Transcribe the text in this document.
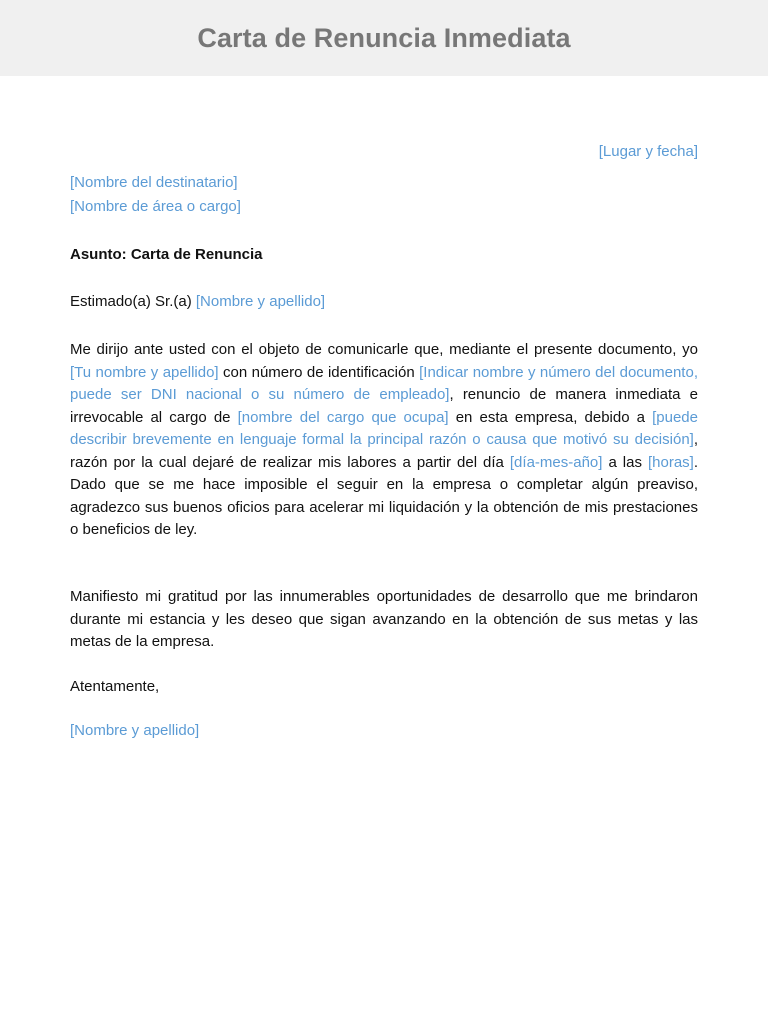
Carta de Renuncia Inmediata

[Lugar y fecha]

[Nombre del destinatario]

[Nombre de área o cargo]

Asunto: Carta de Renuncia

Estimado(a) Sr.(a) [Nombre y apellido]

Me dirijo ante usted con el objeto de comunicarle que, mediante el presente documento, yo [Tu nombre y apellido] con número de identificación [Indicar nombre y número del documento, puede ser DNI nacional o su número de empleado], renuncio de manera inmediata e irrevocable al cargo de [nombre del cargo que ocupa] en esta empresa, debido a [puede describir brevemente en lenguaje formal la principal razón o causa que motivó su decisión], razón por la cual dejaré de realizar mis labores a partir del día [día-mes-año] a las [horas]. Dado que se me hace imposible el seguir en la empresa o completar algún preaviso, agradezco sus buenos oficios para acelerar mi liquidación y la obtención de mis prestaciones o beneficios de ley.

Manifiesto mi gratitud por las innumerables oportunidades de desarrollo que me brindaron durante mi estancia y les deseo que sigan avanzando en la obtención de sus metas y las metas de la empresa.

Atentamente,

[Nombre y apellido]
